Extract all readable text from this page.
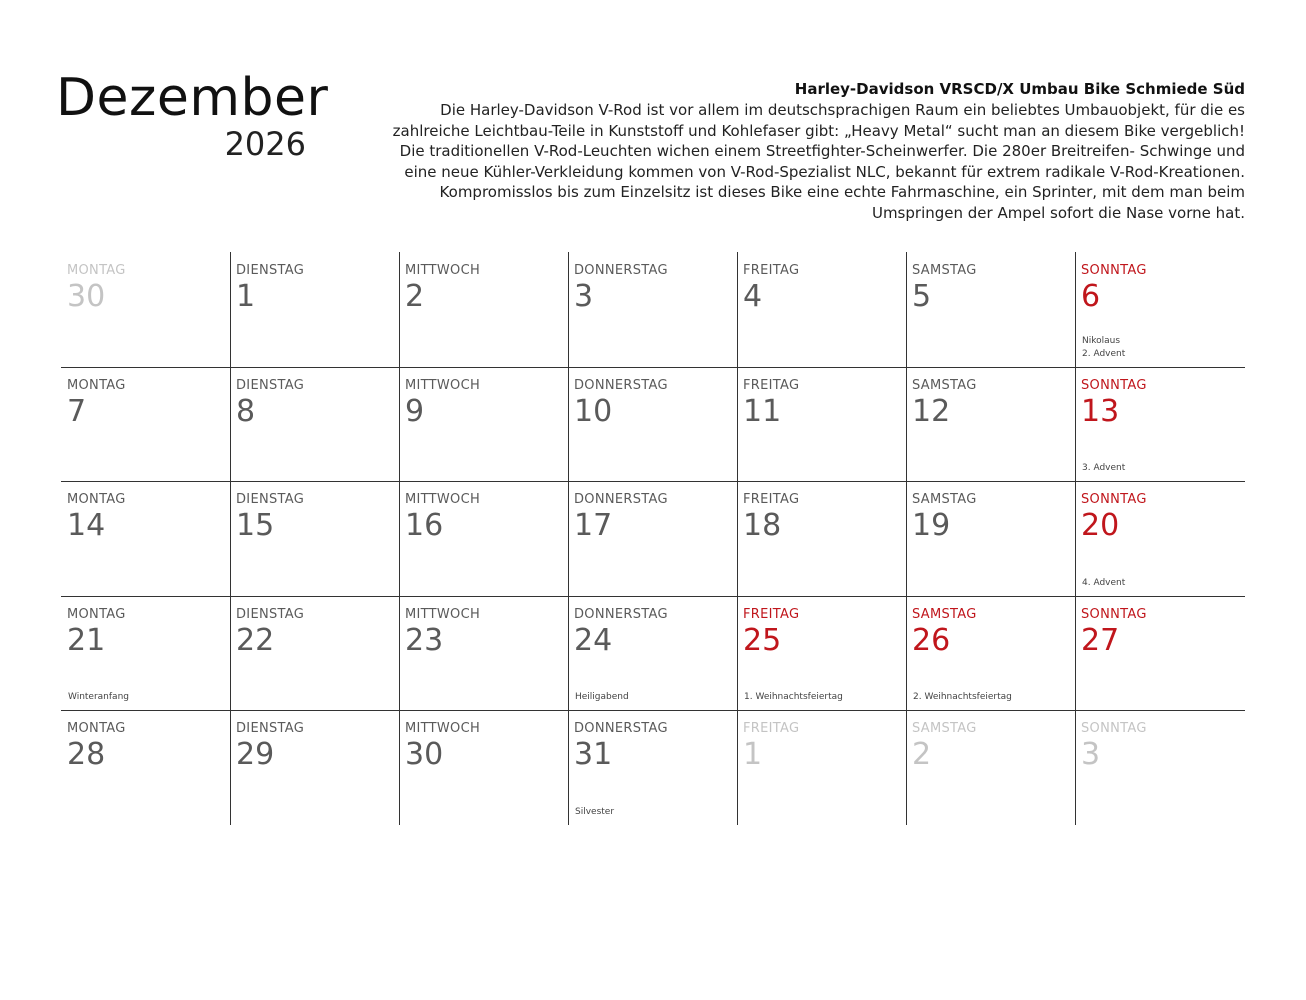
Dezember
2026
Harley-Davidson VRSCD/X Umbau Bike Schmiede Süd
Die Harley-Davidson V-Rod ist vor allem im deutschsprachigen Raum ein beliebtes Umbauobjekt, für die es zahlreiche Leichtbau-Teile in Kunststoff und Kohlefaser gibt: „Heavy Metal“ sucht man an diesem Bike vergeblich! Die traditionellen V-Rod-Leuchten wichen einem Streetfighter-Scheinwerfer. Die 280er Breitreifen- Schwinge und eine neue Kühler-Verkleidung kommen von V-Rod-Spezialist NLC, bekannt für extrem radikale V-Rod-Kreationen. Kompromisslos bis zum Einzelsitz ist dieses Bike eine echte Fahrmaschine, ein Sprinter, mit dem man beim Umspringen der Ampel sofort die Nase vorne hat.
MONTAG
30
DIENSTAG
1
MITTWOCH
2
DONNERSTAG
3
FREITAG
4
SAMSTAG
5
SONNTAG
6
Nikolaus
2. Advent
MONTAG
7
DIENSTAG
8
MITTWOCH
9
DONNERSTAG
10
FREITAG
11
SAMSTAG
12
SONNTAG
13
3. Advent
MONTAG
14
DIENSTAG
15
MITTWOCH
16
DONNERSTAG
17
FREITAG
18
SAMSTAG
19
SONNTAG
20
4. Advent
MONTAG
21
Winteranfang
DIENSTAG
22
MITTWOCH
23
DONNERSTAG
24
Heiligabend
FREITAG
25
1. Weihnachtsfeiertag
SAMSTAG
26
2. Weihnachtsfeiertag
SONNTAG
27
MONTAG
28
DIENSTAG
29
MITTWOCH
30
DONNERSTAG
31
Silvester
FREITAG
1
SAMSTAG
2
SONNTAG
3
